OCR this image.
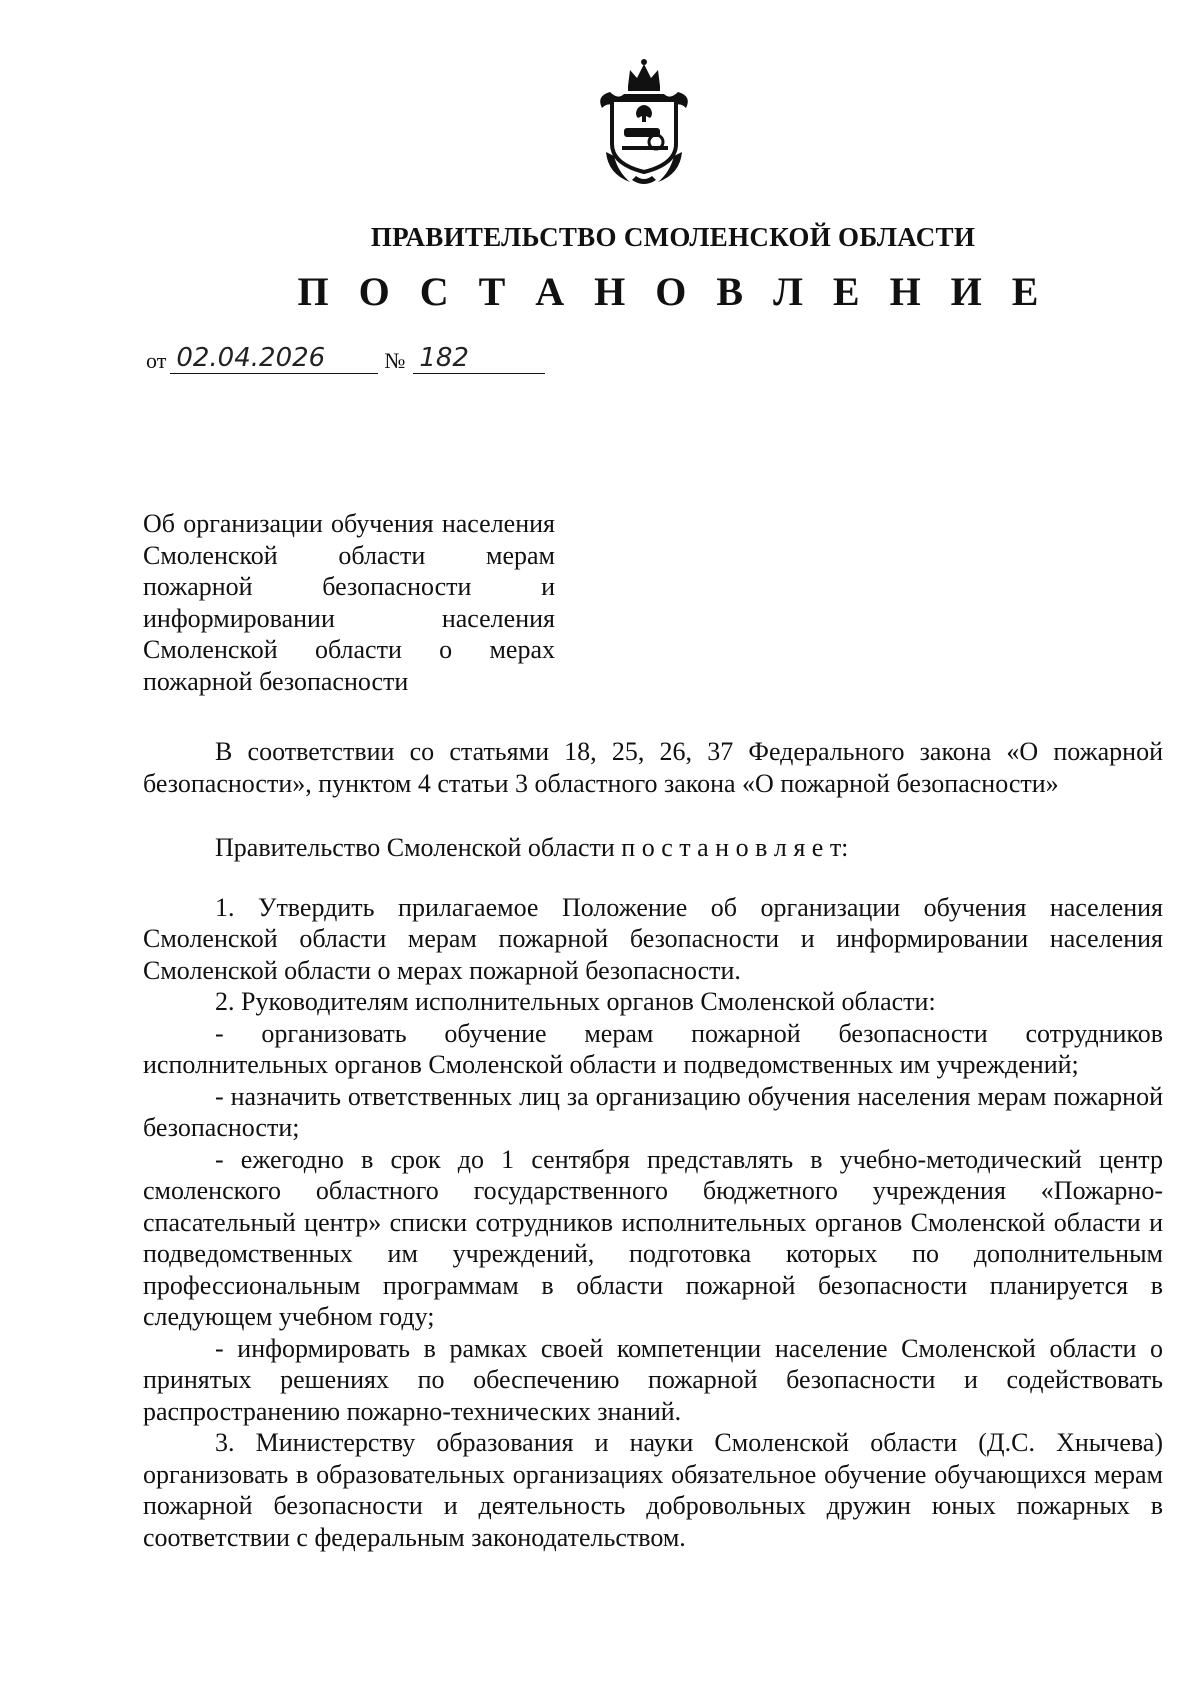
ПРАВИТЕЛЬСТВО СМОЛЕНСКОЙ ОБЛАСТИ
П О С Т А Н О В Л Е Н И Е
от 02.04.2026	№ 182
Об организации обучения населения Смоленской области мерам пожарной безопасности и информировании населения Смоленской области о мерах пожарной безопасности

В соответствии со статьями 18, 25, 26, 37 Федерального закона «О пожарной безопасности», пунктом 4 статьи 3 областного закона «О пожарной безопасности»

Правительство Смоленской области п о с т а н о в л я е т:

1. Утвердить прилагаемое Положение об организации обучения населения Смоленской области мерам пожарной безопасности и информировании населения Смоленской области о мерах пожарной безопасности.

2. Руководителям исполнительных органов Смоленской области:

- организовать обучение мерам пожарной безопасности сотрудников исполнительных органов Смоленской области и подведомственных им учреждений;

- назначить ответственных лиц за организацию обучения населения мерам пожарной безопасности;

- ежегодно в срок до 1 сентября представлять в учебно-методический центр смоленского областного государственного бюджетного учреждения «Пожарно-спасательный центр» списки сотрудников исполнительных органов Смоленской области и подведомственных им учреждений, подготовка которых по дополнительным профессиональным программам в области пожарной безопасности планируется в следующем учебном году;

- информировать в рамках своей компетенции население Смоленской области о принятых решениях по обеспечению пожарной безопасности и содействовать распространению пожарно-технических знаний.

3. Министерству образования и науки Смоленской области (Д.С. Хнычева) организовать в образовательных организациях обязательное обучение обучающихся мерам пожарной безопасности и деятельность добровольных дружин юных пожарных в соответствии с федеральным законодательством.
